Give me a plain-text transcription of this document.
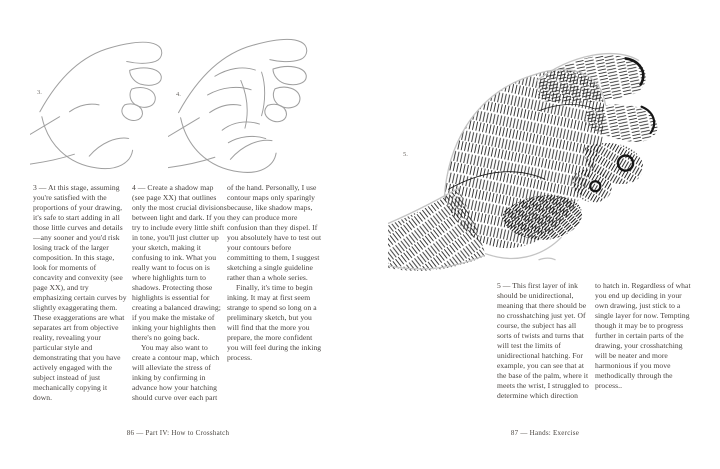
3.	4.

3 — At this stage, assuming you're satisfied with the proportions of your drawing, it's safe to start adding in all those little curves and details—any sooner and you'd risk losing track of the larger composition. In this stage, look for moments of concavity and convexity (see page XX), and try emphasizing certain curves by slightly exaggerating them. These exaggerations are what separates art from objective reality, revealing your particular style and demonstrating that you have actively engaged with the subject instead of just mechanically copying it down.

4 — Create a shadow map (see page XX) that outlines only the most crucial divisions between light and dark. If you try to include every little shift in tone, you'll just clutter up your sketch, making it confusing to ink. What you really want to focus on is where highlights turn to shadows. Protecting those highlights is essential for creating a balanced drawing; if you make the mistake of inking your highlights then there's no going back.

You may also want to create a contour map, which will alleviate the stress of inking by confirming in advance how your hatching should curve over each part

of the hand. Personally, I use contour maps only sparingly because, like shadow maps, they can produce more confusion than they dispel. If you absolutely have to test out your contours before committing to them, I suggest sketching a single guideline rather than a whole series.

Finally, it's time to begin inking. It may at first seem strange to spend so long on a preliminary sketch, but you will find that the more you prepare, the more confident you will feel during the inking process.

86 — Part IV: How to Crosshatch
5.

5 — This first layer of ink should be unidirectional, meaning that there should be no crosshatching just yet. Of course, the subject has all sorts of twists and turns that will test the limits of unidirectional hatching. For example, you can see that at the base of the palm, where it meets the wrist, I struggled to determine which direction

to hatch in. Regardless of what you end up deciding in your own drawing, just stick to a single layer for now. Tempting though it may be to progress further in certain parts of the drawing, your crosshatching will be neater and more harmonious if you move methodically through the process..

87 — Hands: Exercise
